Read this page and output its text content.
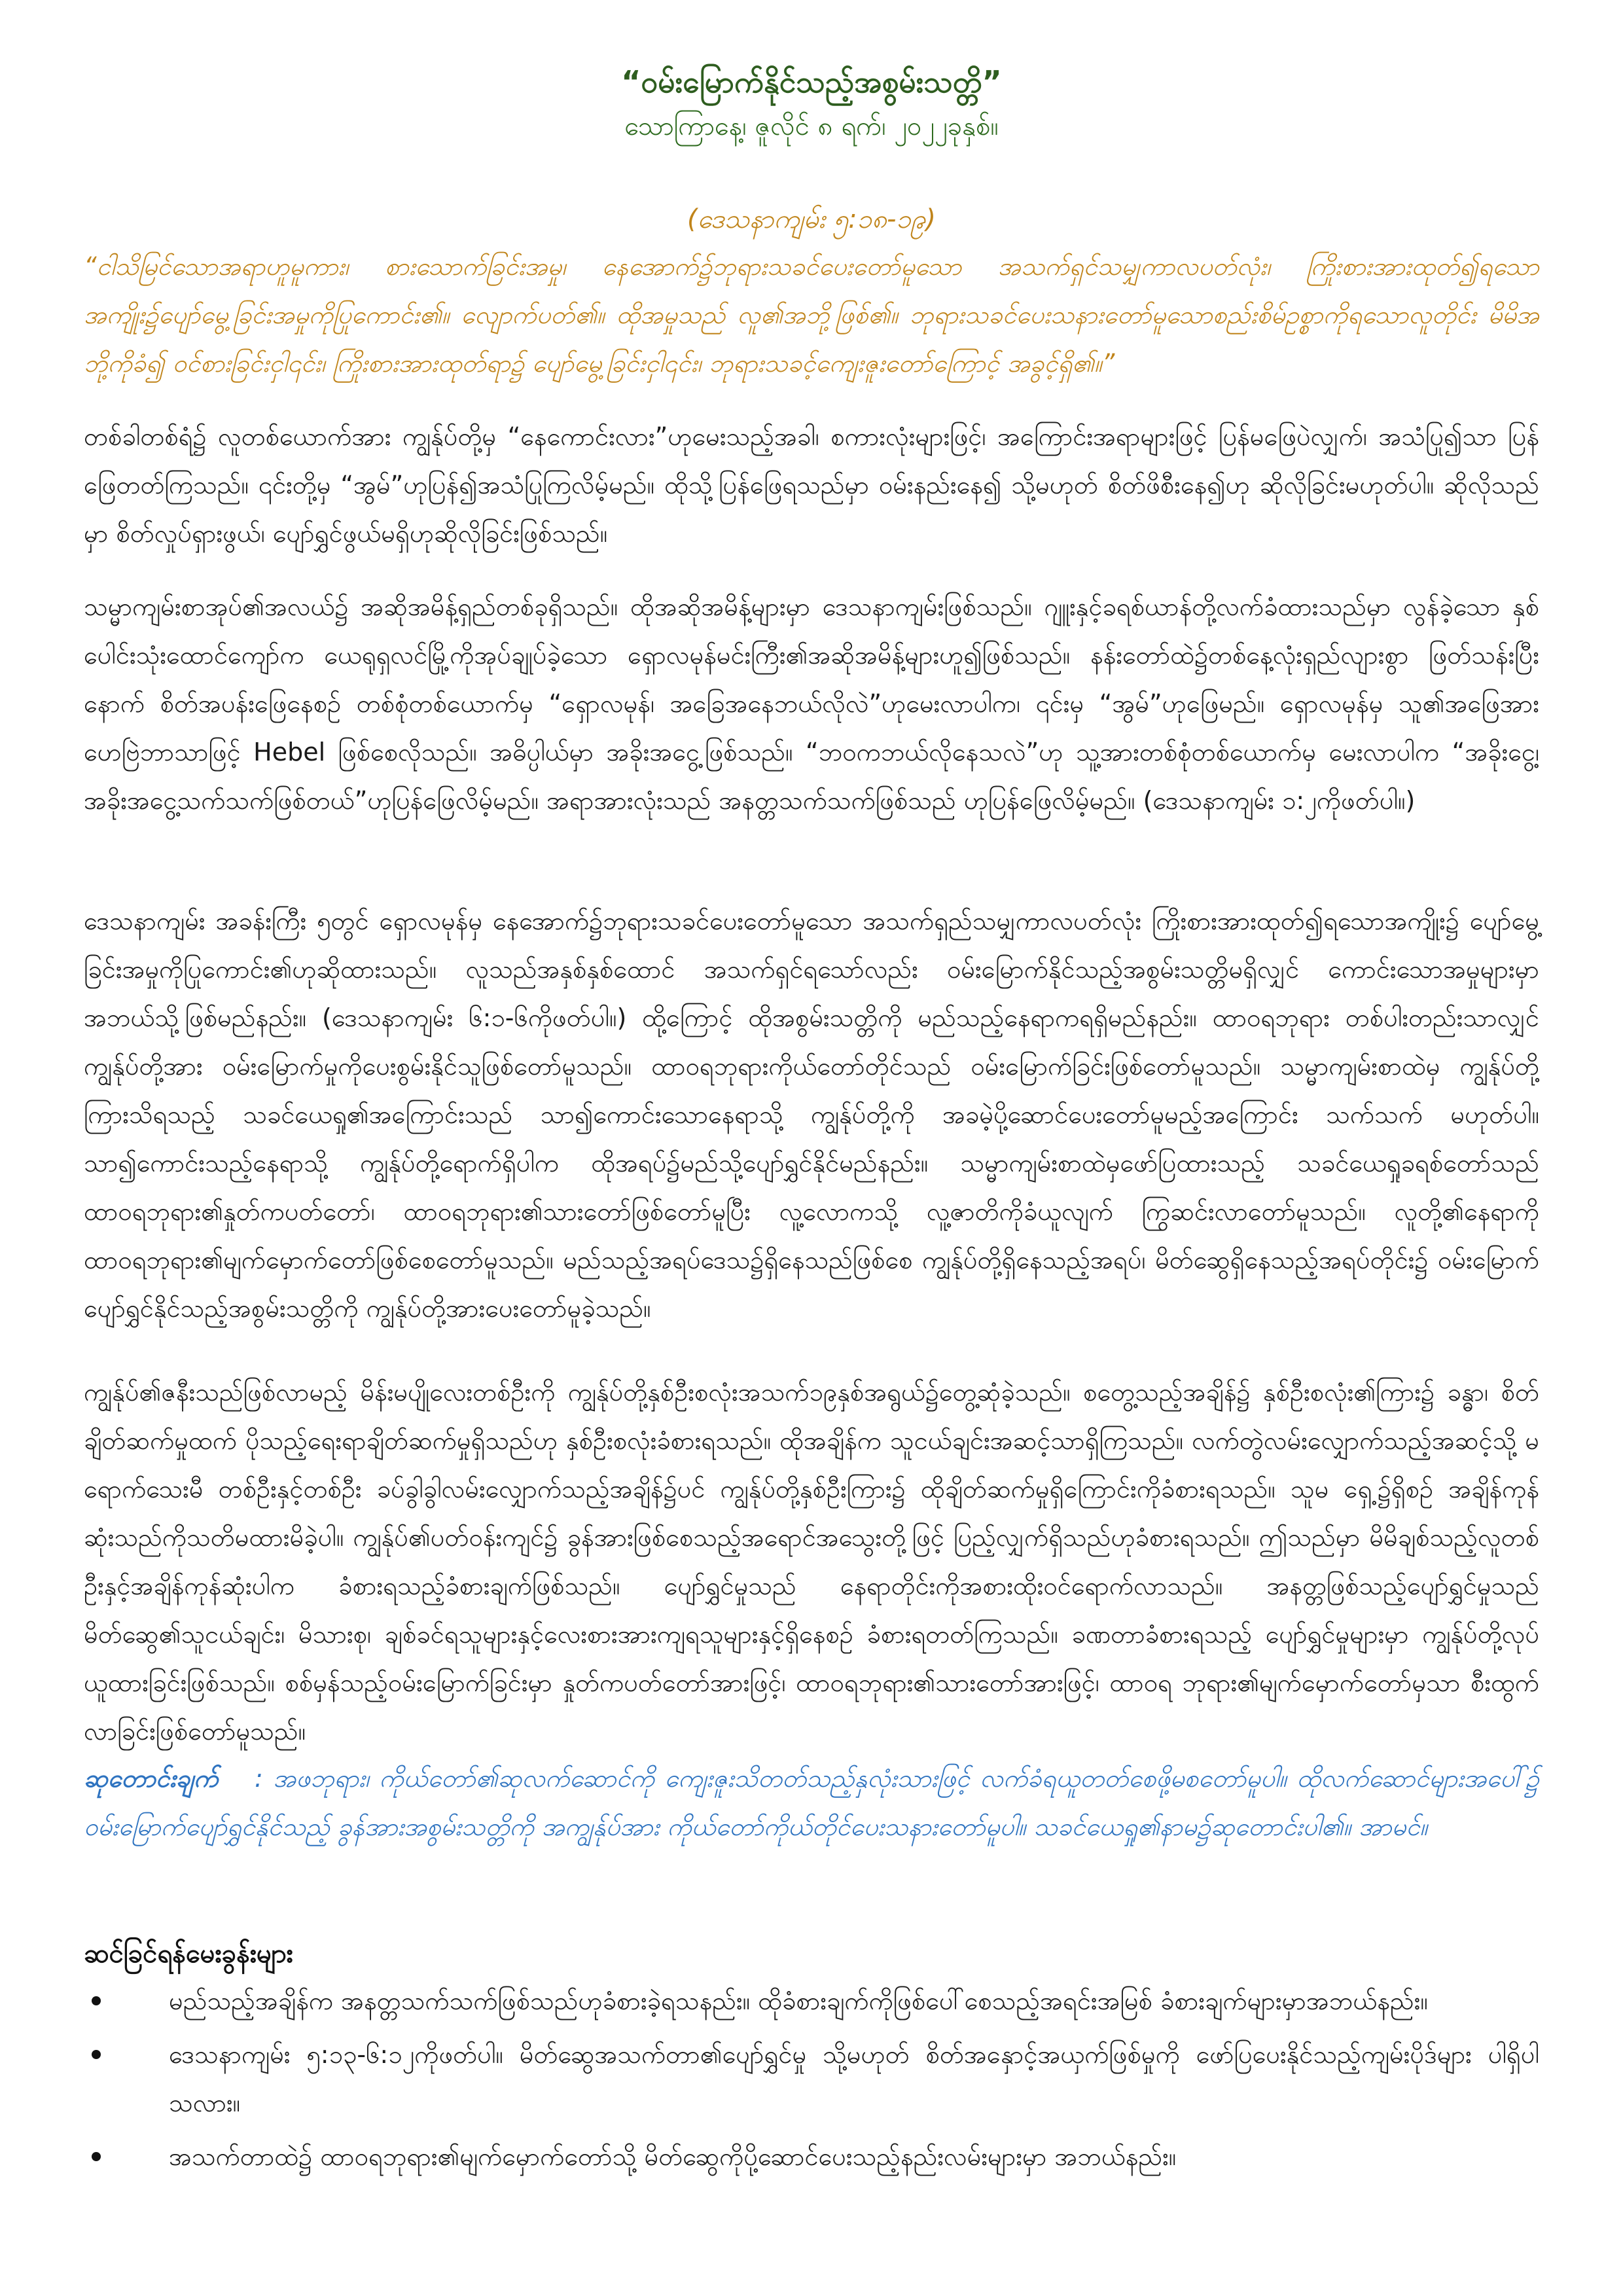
“ဝမ်းမြောက်နိုင်သည့်အစွမ်းသတ္တိ”

သောကြာနေ့၊ ဇူလိုင် ၈ ရက်၊ ၂၀၂၂ခုနှစ်။

(ဒေသနာကျမ်း ၅:၁၈-၁၉)
“ငါသိမြင်သောအရာဟူမူကား၊ စားသောက်ခြင်းအမှု၊ နေအောက်၌ဘုရားသခင်ပေးတော်မူသော အသက်ရှင်သမျှကာလပတ်လုံး၊ ကြိုးစားအားထုတ်၍ရသော အကျိုး၌ပျော်မွေ့ခြင်းအမှုကိုပြုကောင်း၏။ လျောက်ပတ်၏။ ထိုအမှုသည် လူ၏အဘို့ဖြစ်၏။ ဘုရားသခင်ပေးသနားတော်မူသောစည်းစိမ်ဥစ္စာကိုရသောလူတိုင်း မိမိအဘို့ကိုခံ၍ ဝင်စားခြင်းငှါ၎င်း၊ ကြိုးစားအားထုတ်ရာ၌ ပျော်မွေ့ခြင်းငှါ၎င်း၊ ဘုရားသခင့်ကျေးဇူးတော်ကြောင့် အခွင့်ရှိ၏။”

တစ်ခါတစ်ရံ၌ လူတစ်ယောက်အား ကျွန်ုပ်တို့မှ “နေကောင်းလား”ဟုမေးသည့်အခါ၊ စကားလုံးများဖြင့်၊ အကြောင်းအရာများဖြင့် ပြန်မဖြေပဲလျှက်၊ အသံပြု၍သာ ပြန်ဖြေတတ်ကြသည်။ ၎င်းတို့မှ “အွမ်”ဟုပြန်၍အသံပြုကြလိမ့်မည်။ ထိုသို့ပြန်ဖြေရသည်မှာ ဝမ်းနည်းနေ၍ သို့မဟုတ် စိတ်ဖိစီးနေ၍ဟု ဆိုလိုခြင်းမဟုတ်ပါ။ ဆိုလိုသည်မှာ စိတ်လှုပ်ရှားဖွယ်၊ ပျော်ရွှင်ဖွယ်မရှိဟုဆိုလိုခြင်းဖြစ်သည်။

သမ္မာကျမ်းစာအုပ်၏အလယ်၌ အဆိုအမိန့်ရှည်တစ်ခုရှိသည်။ ထိုအဆိုအမိန့်များမှာ ဒေသနာကျမ်းဖြစ်သည်။ ဂျူးနှင့်ခရစ်ယာန်တို့လက်ခံထားသည်မှာ လွန်ခဲ့သော နှစ်ပေါင်းသုံးထောင်ကျော်က ယေရုရှလင်မြို့ကိုအုပ်ချုပ်ခဲ့သော ရှောလမုန်မင်းကြီး၏အဆိုအမိန့်များဟူ၍ဖြစ်သည်။ နန်းတော်ထဲ၌တစ်နေ့လုံးရှည်လျားစွာ ဖြတ်သန်းပြီးနောက် စိတ်အပန်းဖြေနေစဉ် တစ်စုံတစ်ယောက်မှ “ရှောလမုန်၊ အခြေအနေဘယ်လိုလဲ”ဟုမေးလာပါက၊ ၎င်းမှ “အွမ်”ဟုဖြေမည်။ ရှောလမုန်မှ သူ၏အဖြေအား ဟေဗြဲဘာသာဖြင့် Hebel ဖြစ်စေလိုသည်။ အဓိပ္ပါယ်မှာ အခိုးအငွေ့ဖြစ်သည်။ “ဘဝကဘယ်လိုနေသလဲ”ဟု သူ့အားတစ်စုံတစ်ယောက်မှ မေးလာပါက “အခိုးငွေ့၊ အခိုးအငွေ့သက်သက်ဖြစ်တယ်”ဟုပြန်ဖြေလိမ့်မည်။ အရာအားလုံးသည် အနတ္တသက်သက်ဖြစ်သည် ဟုပြန်ဖြေလိမ့်မည်။ (ဒေသနာကျမ်း ၁:၂ကိုဖတ်ပါ။)

ဒေသနာကျမ်း အခန်းကြီး ၅တွင် ရှောလမုန်မှ နေအောက်၌ဘုရားသခင်ပေးတော်မူသော အသက်ရှည်သမျှကာလပတ်လုံး ကြိုးစားအားထုတ်၍ရသောအကျိုး၌ ပျော်မွေ့ခြင်းအမှုကိုပြုကောင်း၏ဟုဆိုထားသည်။ လူသည်အနှစ်နှစ်ထောင် အသက်ရှင်ရသော်လည်း ဝမ်းမြောက်နိုင်သည့်အစွမ်းသတ္တိမရှိလျှင် ကောင်းသောအမှုများမှာ အဘယ်သို့ဖြစ်မည်နည်း။ (ဒေသနာကျမ်း ၆:၁-၆ကိုဖတ်ပါ။) ထို့ကြောင့် ထိုအစွမ်းသတ္တိကို မည်သည့်နေရာကရရှိမည်နည်း။ ထာဝရဘုရား တစ်ပါးတည်းသာလျှင် ကျွန်ုပ်တို့အား ဝမ်းမြောက်မှုကိုပေးစွမ်းနိုင်သူဖြစ်တော်မူသည်။ ထာဝရဘုရားကိုယ်တော်တိုင်သည် ဝမ်းမြောက်ခြင်းဖြစ်တော်မူသည်။ သမ္မာကျမ်းစာထဲမှ ကျွန်ုပ်တို့ကြားသိရသည့် သခင်ယေရှု၏အကြောင်းသည် သာ၍ကောင်းသောနေရာသို့ ကျွန်ုပ်တို့ကို အခမဲ့ပို့ဆောင်ပေးတော်မူမည့်အကြောင်း သက်သက် မဟုတ်ပါ။ သာ၍ကောင်းသည့်နေရာသို့ ကျွန်ုပ်တို့ရောက်ရှိပါက ထိုအရပ်၌မည်သို့ပျော်ရွှင်နိုင်မည်နည်း။ သမ္မာကျမ်းစာထဲမှဖော်ပြထားသည့် သခင်ယေရှုခရစ်တော်သည် ထာဝရဘုရား၏နှုတ်ကပတ်တော်၊ ထာဝရဘုရား၏သားတော်ဖြစ်တော်မူပြီး လူ့လောကသို့ လူ့ဇာတိကိုခံယူလျက် ကြွဆင်းလာတော်မူသည်။ လူတို့၏နေရာကို ထာဝရဘုရား၏မျက်မှောက်တော်ဖြစ်စေတော်မူသည်။ မည်သည့်အရပ်ဒေသ၌ရှိနေသည်ဖြစ်စေ ကျွန်ုပ်တို့ရှိနေသည့်အရပ်၊ မိတ်ဆွေရှိနေသည့်အရပ်တိုင်း၌ ဝမ်းမြောက်ပျော်ရွှင်နိုင်သည့်အစွမ်းသတ္တိကို ကျွန်ုပ်တို့အားပေးတော်မူခဲ့သည်။

ကျွန်ုပ်၏ဇနီးသည်ဖြစ်လာမည့် မိန်းမပျိုလေးတစ်ဦးကို ကျွန်ုပ်တို့နှစ်ဦးစလုံးအသက်၁၉နှစ်အရွယ်၌တွေ့ဆုံခဲ့သည်။ စတွေ့သည့်အချိန်၌ နှစ်ဦးစလုံး၏ကြား၌ ခန္ဓာ၊ စိတ်ချိတ်ဆက်မှုထက် ပိုသည့်ရေးရာချိတ်ဆက်မှုရှိသည်ဟု နှစ်ဦးစလုံးခံစားရသည်။ ထိုအချိန်က သူငယ်ချင်းအဆင့်သာရှိကြသည်။ လက်တွဲလမ်းလျှောက်သည့်အဆင့်သို့ မရောက်သေးမီ တစ်ဦးနှင့်တစ်ဦး ခပ်ခွါခွါလမ်းလျှောက်သည့်အချိန်၌ပင် ကျွန်ုပ်တို့နှစ်ဦးကြား၌ ထိုချိတ်ဆက်မှုရှိကြောင်းကိုခံစားရသည်။ သူမ ရှေ့၌ရှိစဉ် အချိန်ကုန်ဆုံးသည်ကိုသတိမထားမိခဲ့ပါ။ ကျွန်ုပ်၏ပတ်ဝန်းကျင်၌ ခွန်အားဖြစ်စေသည့်အရောင်အသွေးတို့ဖြင့် ပြည့်လျှက်ရှိသည်ဟုခံစားရသည်။ ဤသည်မှာ မိမိချစ်သည့်လူတစ်ဦးနှင့်အချိန်ကုန်ဆုံးပါက ခံစားရသည့်ခံစားချက်ဖြစ်သည်။ ပျော်ရွှင်မှုသည် နေရာတိုင်းကိုအစားထိုးဝင်ရောက်လာသည်။ အနတ္တဖြစ်သည့်ပျော်ရွှင်မှုသည် မိတ်ဆွေ၏သူငယ်ချင်း၊ မိသားစု၊ ချစ်ခင်ရသူများနှင့်လေးစားအားကျရသူများနှင့်ရှိနေစဉ် ခံစားရတတ်ကြသည်။ ခဏတာခံစားရသည့် ပျော်ရွှင်မှုများမှာ ကျွန်ုပ်တို့လုပ်ယူထားခြင်းဖြစ်သည်။ စစ်မှန်သည့်ဝမ်းမြောက်ခြင်းမှာ နှုတ်ကပတ်တော်အားဖြင့်၊ ထာဝရဘုရား၏သားတော်အားဖြင့်၊ ထာဝရ ဘုရား၏မျက်မှောက်တော်မှသာ စီးထွက်လာခြင်းဖြစ်တော်မူသည်။

ဆုတောင်းချက် : အဖဘုရား၊ ကိုယ်တော်၏ဆုလက်ဆောင်ကို ကျေးဇူးသိတတ်သည့်နှလုံးသားဖြင့် လက်ခံရယူတတ်စေဖို့မစတော်မူပါ။ ထိုလက်ဆောင်များအပေါ်၌ ဝမ်းမြောက်ပျော်ရွှင်နိုင်သည့် ခွန်အားအစွမ်းသတ္တိကို အကျွန်ုပ်အား ကိုယ်တော်ကိုယ်တိုင်ပေးသနားတော်မူပါ။ သခင်ယေရှု၏နာမ၌ဆုတောင်းပါ၏။ အာမင်။
ဆင်ခြင်ရန်မေးခွန်းများ
မည်သည့်အချိန်က အနတ္တသက်သက်ဖြစ်သည်ဟုခံစားခဲ့ရသနည်း။ ထိုခံစားချက်ကိုဖြစ်ပေါ်စေသည့်အရင်းအမြစ် ခံစားချက်များမှာအဘယ်နည်း။
ဒေသနာကျမ်း ၅:၁၃-၆:၁၂ကိုဖတ်ပါ။ မိတ်ဆွေအသက်တာ၏ပျော်ရွှင်မှု သို့မဟုတ် စိတ်အနှောင့်အယှက်ဖြစ်မှုကို ဖော်ပြပေးနိုင်သည့်ကျမ်းပိုဒ်များ ပါရှိပါသလား။
အသက်တာထဲ၌ ထာဝရဘုရား၏မျက်မှောက်တော်သို့ မိတ်ဆွေကိုပို့ဆောင်ပေးသည့်နည်းလမ်းများမှာ အဘယ်နည်း။
